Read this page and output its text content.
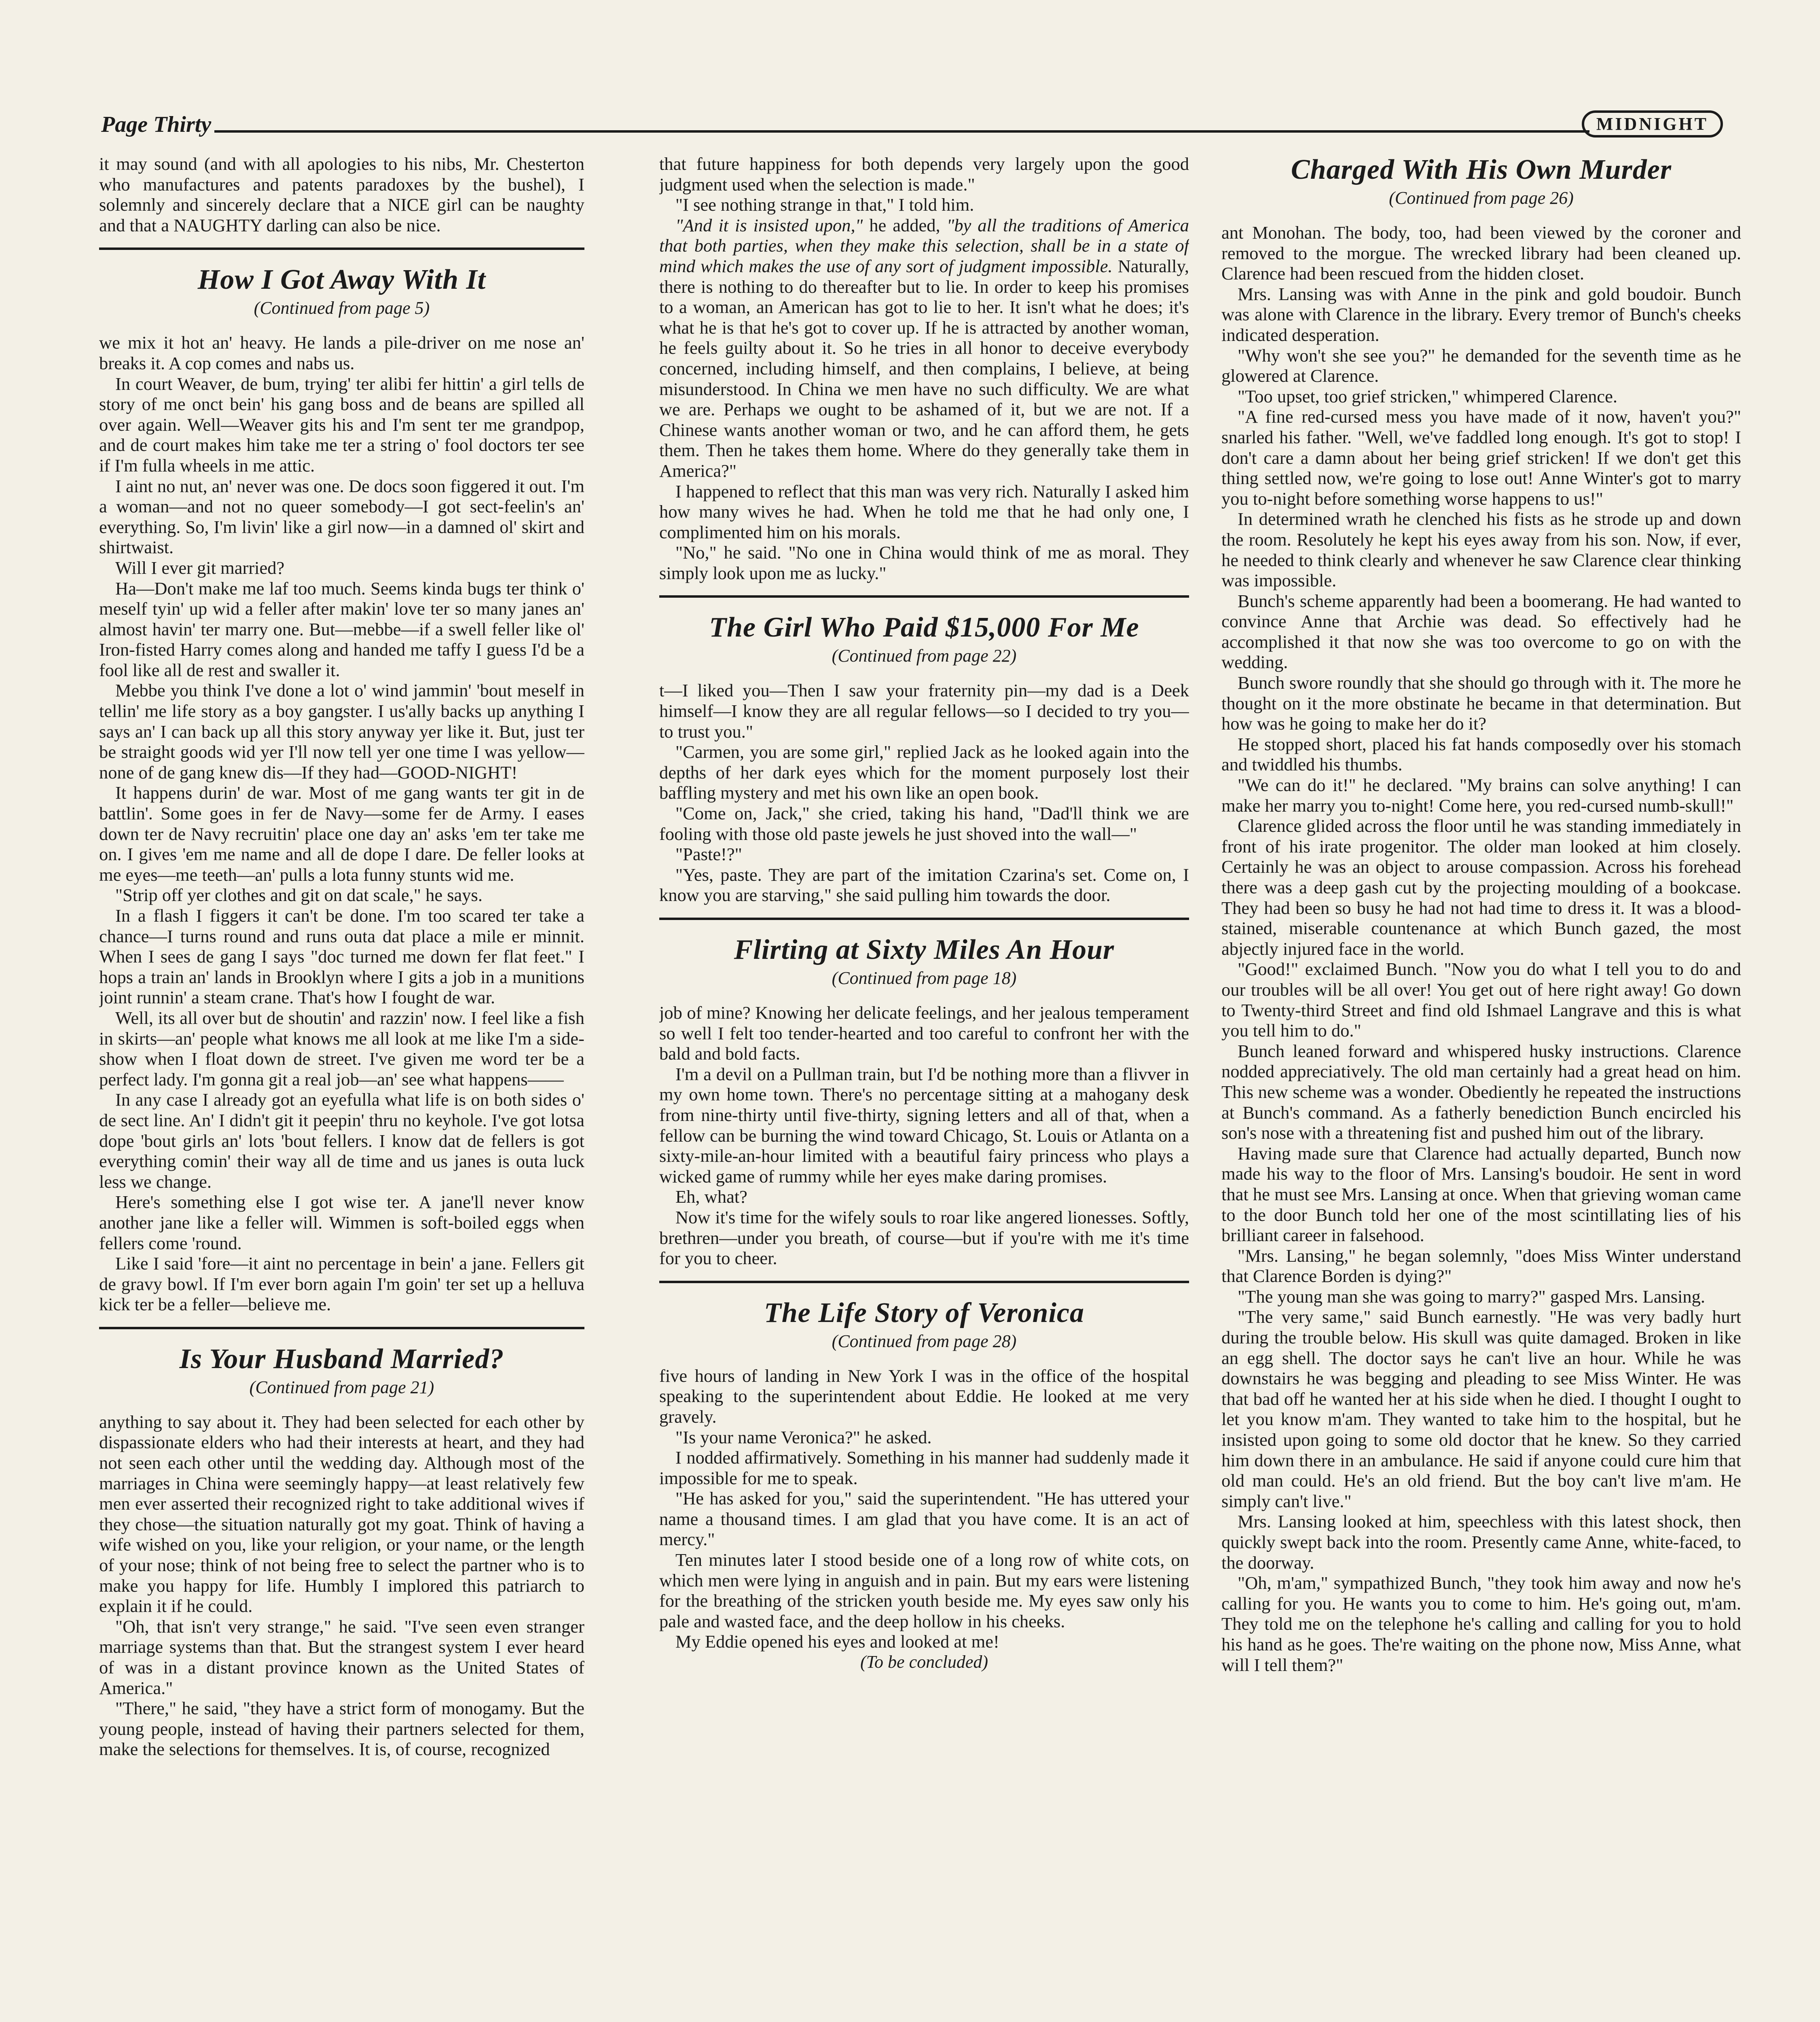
Page Thirty	MIDNIGHT

it may sound (and with all apologies to his nibs, Mr. Chesterton who manufactures and patents paradoxes by the bushel), I solemnly and sincerely declare that a NICE girl can be naughty and that a NAUGHTY darling can also be nice.

How I Got Away With It
(Continued from page 5)

we mix it hot an' heavy. He lands a pile-driver on me nose an' breaks it. A cop comes and nabs us.

In court Weaver, de bum, trying' ter alibi fer hittin' a girl tells de story of me onct bein' his gang boss and de beans are spilled all over again. Well—Weaver gits his and I'm sent ter me grandpop, and de court makes him take me ter a string o' fool doctors ter see if I'm fulla wheels in me attic.

I aint no nut, an' never was one. De docs soon figgered it out. I'm a woman—and not no queer somebody—I got sect-feelin's an' everything. So, I'm livin' like a girl now—in a damned ol' skirt and shirtwaist.

Will I ever git married?

Ha—Don't make me laf too much. Seems kinda bugs ter think o' meself tyin' up wid a feller after makin' love ter so many janes an' almost havin' ter marry one. But—mebbe—if a swell feller like ol' Iron-fisted Harry comes along and handed me taffy I guess I'd be a fool like all de rest and swaller it.

Mebbe you think I've done a lot o' wind jammin' 'bout meself in tellin' me life story as a boy gangster. I us'ally backs up anything I says an' I can back up all this story anyway yer like it. But, just ter be straight goods wid yer I'll now tell yer one time I was yellow—none of de gang knew dis—If they had—GOOD-NIGHT!

It happens durin' de war. Most of me gang wants ter git in de battlin'. Some goes in fer de Navy—some fer de Army. I eases down ter de Navy recruitin' place one day an' asks 'em ter take me on. I gives 'em me name and all de dope I dare. De feller looks at me eyes—me teeth—an' pulls a lota funny stunts wid me.

"Strip off yer clothes and git on dat scale," he says.

In a flash I figgers it can't be done. I'm too scared ter take a chance—I turns round and runs outa dat place a mile er minnit. When I sees de gang I says "doc turned me down fer flat feet." I hops a train an' lands in Brooklyn where I gits a job in a munitions joint runnin' a steam crane. That's how I fought de war.

Well, its all over but de shoutin' and razzin' now. I feel like a fish in skirts—an' people what knows me all look at me like I'm a side-show when I float down de street. I've given me word ter be a perfect lady. I'm gonna git a real job—an' see what happens——

In any case I already got an eyefulla what life is on both sides o' de sect line. An' I didn't git it peepin' thru no keyhole. I've got lotsa dope 'bout girls an' lots 'bout fellers. I know dat de fellers is got everything comin' their way all de time and us janes is outa luck less we change.

Here's something else I got wise ter. A jane'll never know another jane like a feller will. Wimmen is soft-boiled eggs when fellers come 'round.

Like I said 'fore—it aint no percentage in bein' a jane. Fellers git de gravy bowl. If I'm ever born again I'm goin' ter set up a helluva kick ter be a feller—believe me.

Is Your Husband Married?
(Continued from page 21)

anything to say about it. They had been selected for each other by dispassionate elders who had their interests at heart, and they had not seen each other until the wedding day. Although most of the marriages in China were seemingly happy—at least relatively few men ever asserted their recognized right to take additional wives if they chose—the situation naturally got my goat. Think of having a wife wished on you, like your religion, or your name, or the length of your nose; think of not being free to select the partner who is to make you happy for life. Humbly I implored this patriarch to explain it if he could.

"Oh, that isn't very strange," he said. "I've seen even stranger marriage systems than that. But the strangest system I ever heard of was in a distant province known as the United States of America."

"There," he said, "they have a strict form of monogamy. But the young people, instead of having their partners selected for them, make the selections for themselves. It is, of course, recognized

that future happiness for both depends very largely upon the good judgment used when the selection is made."

"I see nothing strange in that," I told him.

"And it is insisted upon," he added, "by all the traditions of America that both parties, when they make this selection, shall be in a state of mind which makes the use of any sort of judgment impossible. Naturally, there is nothing to do thereafter but to lie. In order to keep his promises to a woman, an American has got to lie to her. It isn't what he does; it's what he is that he's got to cover up. If he is attracted by another woman, he feels guilty about it. So he tries in all honor to deceive everybody concerned, including himself, and then complains, I believe, at being misunderstood. In China we men have no such difficulty. We are what we are. Perhaps we ought to be ashamed of it, but we are not. If a Chinese wants another woman or two, and he can afford them, he gets them. Then he takes them home. Where do they generally take them in America?"

I happened to reflect that this man was very rich. Naturally I asked him how many wives he had. When he told me that he had only one, I complimented him on his morals.

"No," he said. "No one in China would think of me as moral. They simply look upon me as lucky."

The Girl Who Paid $15,000 For Me
(Continued from page 22)

t—I liked you—Then I saw your fraternity pin—my dad is a Deek himself—I know they are all regular fellows—so I decided to try you—to trust you."

"Carmen, you are some girl," replied Jack as he looked again into the depths of her dark eyes which for the moment purposely lost their baffling mystery and met his own like an open book.

"Come on, Jack," she cried, taking his hand, "Dad'll think we are fooling with those old paste jewels he just shoved into the wall—"

"Paste!?"

"Yes, paste. They are part of the imitation Czarina's set. Come on, I know you are starving," she said pulling him towards the door.

Flirting at Sixty Miles An Hour
(Continued from page 18)

job of mine? Knowing her delicate feelings, and her jealous temperament so well I felt too tender-hearted and too careful to confront her with the bald and bold facts.

I'm a devil on a Pullman train, but I'd be nothing more than a flivver in my own home town. There's no percentage sitting at a mahogany desk from nine-thirty until five-thirty, signing letters and all of that, when a fellow can be burning the wind toward Chicago, St. Louis or Atlanta on a sixty-mile-an-hour limited with a beautiful fairy princess who plays a wicked game of rummy while her eyes make daring promises.

Eh, what?

Now it's time for the wifely souls to roar like angered lionesses. Softly, brethren—under you breath, of course—but if you're with me it's time for you to cheer.

The Life Story of Veronica
(Continued from page 28)

five hours of landing in New York I was in the office of the hospital speaking to the superintendent about Eddie. He looked at me very gravely.

"Is your name Veronica?" he asked.

I nodded affirmatively. Something in his manner had suddenly made it impossible for me to speak.

"He has asked for you," said the superintendent. "He has uttered your name a thousand times. I am glad that you have come. It is an act of mercy."

Ten minutes later I stood beside one of a long row of white cots, on which men were lying in anguish and in pain. But my ears were listening for the breathing of the stricken youth beside me. My eyes saw only his pale and wasted face, and the deep hollow in his cheeks.

My Eddie opened his eyes and looked at me!

(To be concluded)
Charged With His Own Murder
(Continued from page 26)

ant Monohan. The body, too, had been viewed by the coroner and removed to the morgue. The wrecked library had been cleaned up. Clarence had been rescued from the hidden closet.

Mrs. Lansing was with Anne in the pink and gold boudoir. Bunch was alone with Clarence in the library. Every tremor of Bunch's cheeks indicated desperation.

"Why won't she see you?" he demanded for the seventh time as he glowered at Clarence.

"Too upset, too grief stricken," whimpered Clarence.

"A fine red-cursed mess you have made of it now, haven't you?" snarled his father. "Well, we've faddled long enough. It's got to stop! I don't care a damn about her being grief stricken! If we don't get this thing settled now, we're going to lose out! Anne Winter's got to marry you to-night before something worse happens to us!"

In determined wrath he clenched his fists as he strode up and down the room. Resolutely he kept his eyes away from his son. Now, if ever, he needed to think clearly and whenever he saw Clarence clear thinking was impossible.

Bunch's scheme apparently had been a boomerang. He had wanted to convince Anne that Archie was dead. So effectively had he accomplished it that now she was too overcome to go on with the wedding.

Bunch swore roundly that she should go through with it. The more he thought on it the more obstinate he became in that determination. But how was he going to make her do it?

He stopped short, placed his fat hands composedly over his stomach and twiddled his thumbs.

"We can do it!" he declared. "My brains can solve anything! I can make her marry you to-night! Come here, you red-cursed numb-skull!"

Clarence glided across the floor until he was standing immediately in front of his irate progenitor. The older man looked at him closely. Certainly he was an object to arouse compassion. Across his forehead there was a deep gash cut by the projecting moulding of a bookcase. They had been so busy he had not had time to dress it. It was a blood-stained, miserable countenance at which Bunch gazed, the most abjectly injured face in the world.

"Good!" exclaimed Bunch. "Now you do what I tell you to do and our troubles will be all over! You get out of here right away! Go down to Twenty-third Street and find old Ishmael Langrave and this is what you tell him to do."

Bunch leaned forward and whispered husky instructions. Clarence nodded appreciatively. The old man certainly had a great head on him. This new scheme was a wonder. Obediently he repeated the instructions at Bunch's command. As a fatherly benediction Bunch encircled his son's nose with a threatening fist and pushed him out of the library.

Having made sure that Clarence had actually departed, Bunch now made his way to the floor of Mrs. Lansing's boudoir. He sent in word that he must see Mrs. Lansing at once. When that grieving woman came to the door Bunch told her one of the most scintillating lies of his brilliant career in falsehood.

"Mrs. Lansing," he began solemnly, "does Miss Winter understand that Clarence Borden is dying?"

"The young man she was going to marry?" gasped Mrs. Lansing.

"The very same," said Bunch earnestly. "He was very badly hurt during the trouble below. His skull was quite damaged. Broken in like an egg shell. The doctor says he can't live an hour. While he was downstairs he was begging and pleading to see Miss Winter. He was that bad off he wanted her at his side when he died. I thought I ought to let you know m'am. They wanted to take him to the hospital, but he insisted upon going to some old doctor that he knew. So they carried him down there in an ambulance. He said if anyone could cure him that old man could. He's an old friend. But the boy can't live m'am. He simply can't live."

Mrs. Lansing looked at him, speechless with this latest shock, then quickly swept back into the room. Presently came Anne, white-faced, to the doorway.

"Oh, m'am," sympathized Bunch, "they took him away and now he's calling for you. He wants you to come to him. He's going out, m'am. They told me on the telephone he's calling and calling for you to hold his hand as he goes. The're waiting on the phone now, Miss Anne, what will I tell them?"
